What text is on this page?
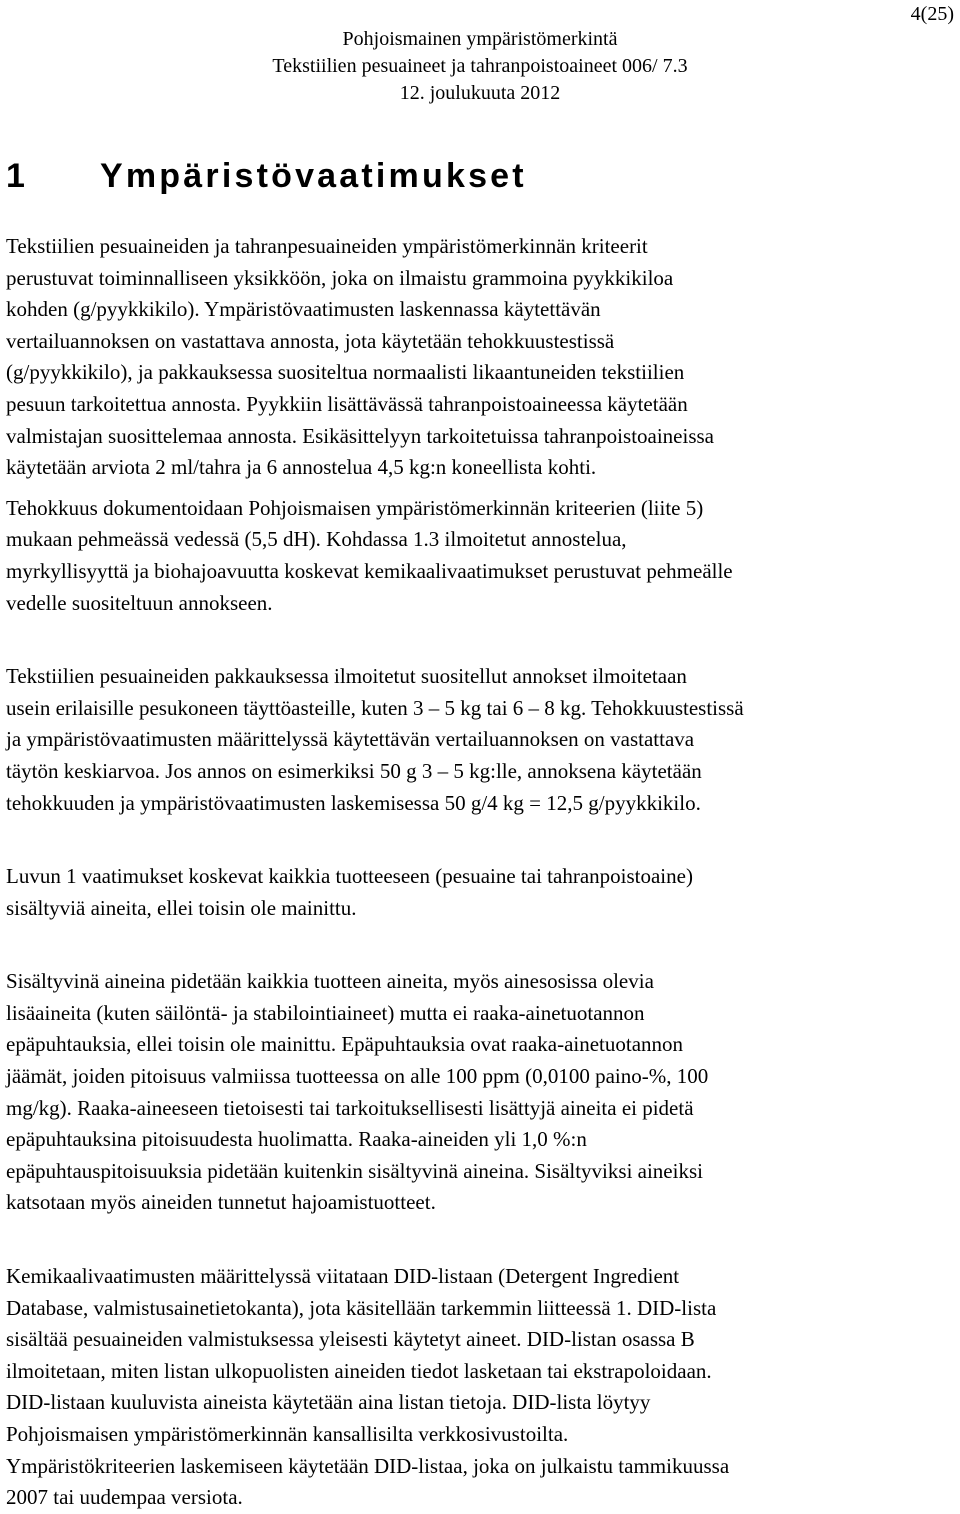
4(25)
Pohjoismainen ympäristömerkintä
Tekstiilien pesuaineet ja tahranpoistoaineet 006/ 7.3
12. joulukuuta 2012
1 Ympäristövaatimukset

Tekstiilien pesuaineiden ja tahranpesuaineiden ympäristömerkinnän kriteerit
perustuvat toiminnalliseen yksikköön, joka on ilmaistu grammoina pyykkikiloa
kohden (g/pyykkikilo). Ympäristövaatimusten laskennassa käytettävän
vertailuannoksen on vastattava annosta, jota käytetään tehokkuustestissä
(g/pyykkikilo), ja pakkauksessa suositeltua normaalisti likaantuneiden tekstiilien
pesuun tarkoitettua annosta. Pyykkiin lisättävässä tahranpoistoaineessa käytetään
valmistajan suosittelemaa annosta. Esikäsittelyyn tarkoitetuissa tahranpoistoaineissa
käytetään arviota 2 ml/tahra ja 6 annostelua 4,5 kg:n koneellista kohti.

Tehokkuus dokumentoidaan Pohjoismaisen ympäristömerkinnän kriteerien (liite 5)
mukaan pehmeässä vedessä (5,5 dH). Kohdassa 1.3 ilmoitetut annostelua,
myrkyllisyyttä ja biohajoavuutta koskevat kemikaalivaatimukset perustuvat pehmeälle
vedelle suositeltuun annokseen.

Tekstiilien pesuaineiden pakkauksessa ilmoitetut suositellut annokset ilmoitetaan
usein erilaisille pesukoneen täyttöasteille, kuten 3 – 5 kg tai 6 – 8 kg. Tehokkuustestissä
ja ympäristövaatimusten määrittelyssä käytettävän vertailuannoksen on vastattava
täytön keskiarvoa. Jos annos on esimerkiksi 50 g 3 – 5 kg:lle, annoksena käytetään
tehokkuuden ja ympäristövaatimusten laskemisessa 50 g/4 kg = 12,5 g/pyykkikilo.

Luvun 1 vaatimukset koskevat kaikkia tuotteeseen (pesuaine tai tahranpoistoaine)
sisältyviä aineita, ellei toisin ole mainittu.

Sisältyvinä aineina pidetään kaikkia tuotteen aineita, myös ainesosissa olevia
lisäaineita (kuten säilöntä- ja stabilointiaineet) mutta ei raaka-ainetuotannon
epäpuhtauksia, ellei toisin ole mainittu. Epäpuhtauksia ovat raaka-ainetuotannon
jäämät, joiden pitoisuus valmiissa tuotteessa on alle 100 ppm (0,0100 paino-%, 100
mg/kg). Raaka-aineeseen tietoisesti tai tarkoituksellisesti lisättyjä aineita ei pidetä
epäpuhtauksina pitoisuudesta huolimatta. Raaka-aineiden yli 1,0 %:n
epäpuhtauspitoisuuksia pidetään kuitenkin sisältyvinä aineina. Sisältyviksi aineiksi
katsotaan myös aineiden tunnetut hajoamistuotteet.

Kemikaalivaatimusten määrittelyssä viitataan DID-listaan (Detergent Ingredient
Database, valmistusainetietokanta), jota käsitellään tarkemmin liitteessä 1. DID-lista
sisältää pesuaineiden valmistuksessa yleisesti käytetyt aineet. DID-listan osassa B
ilmoitetaan, miten listan ulkopuolisten aineiden tiedot lasketaan tai ekstrapoloidaan.
DID-listaan kuuluvista aineista käytetään aina listan tietoja. DID-lista löytyy
Pohjoismaisen ympäristömerkinnän kansallisilta verkkosivustoilta.
Ympäristökriteerien laskemiseen käytetään DID-listaa, joka on julkaistu tammikuussa
2007 tai uudempaa versiota.
